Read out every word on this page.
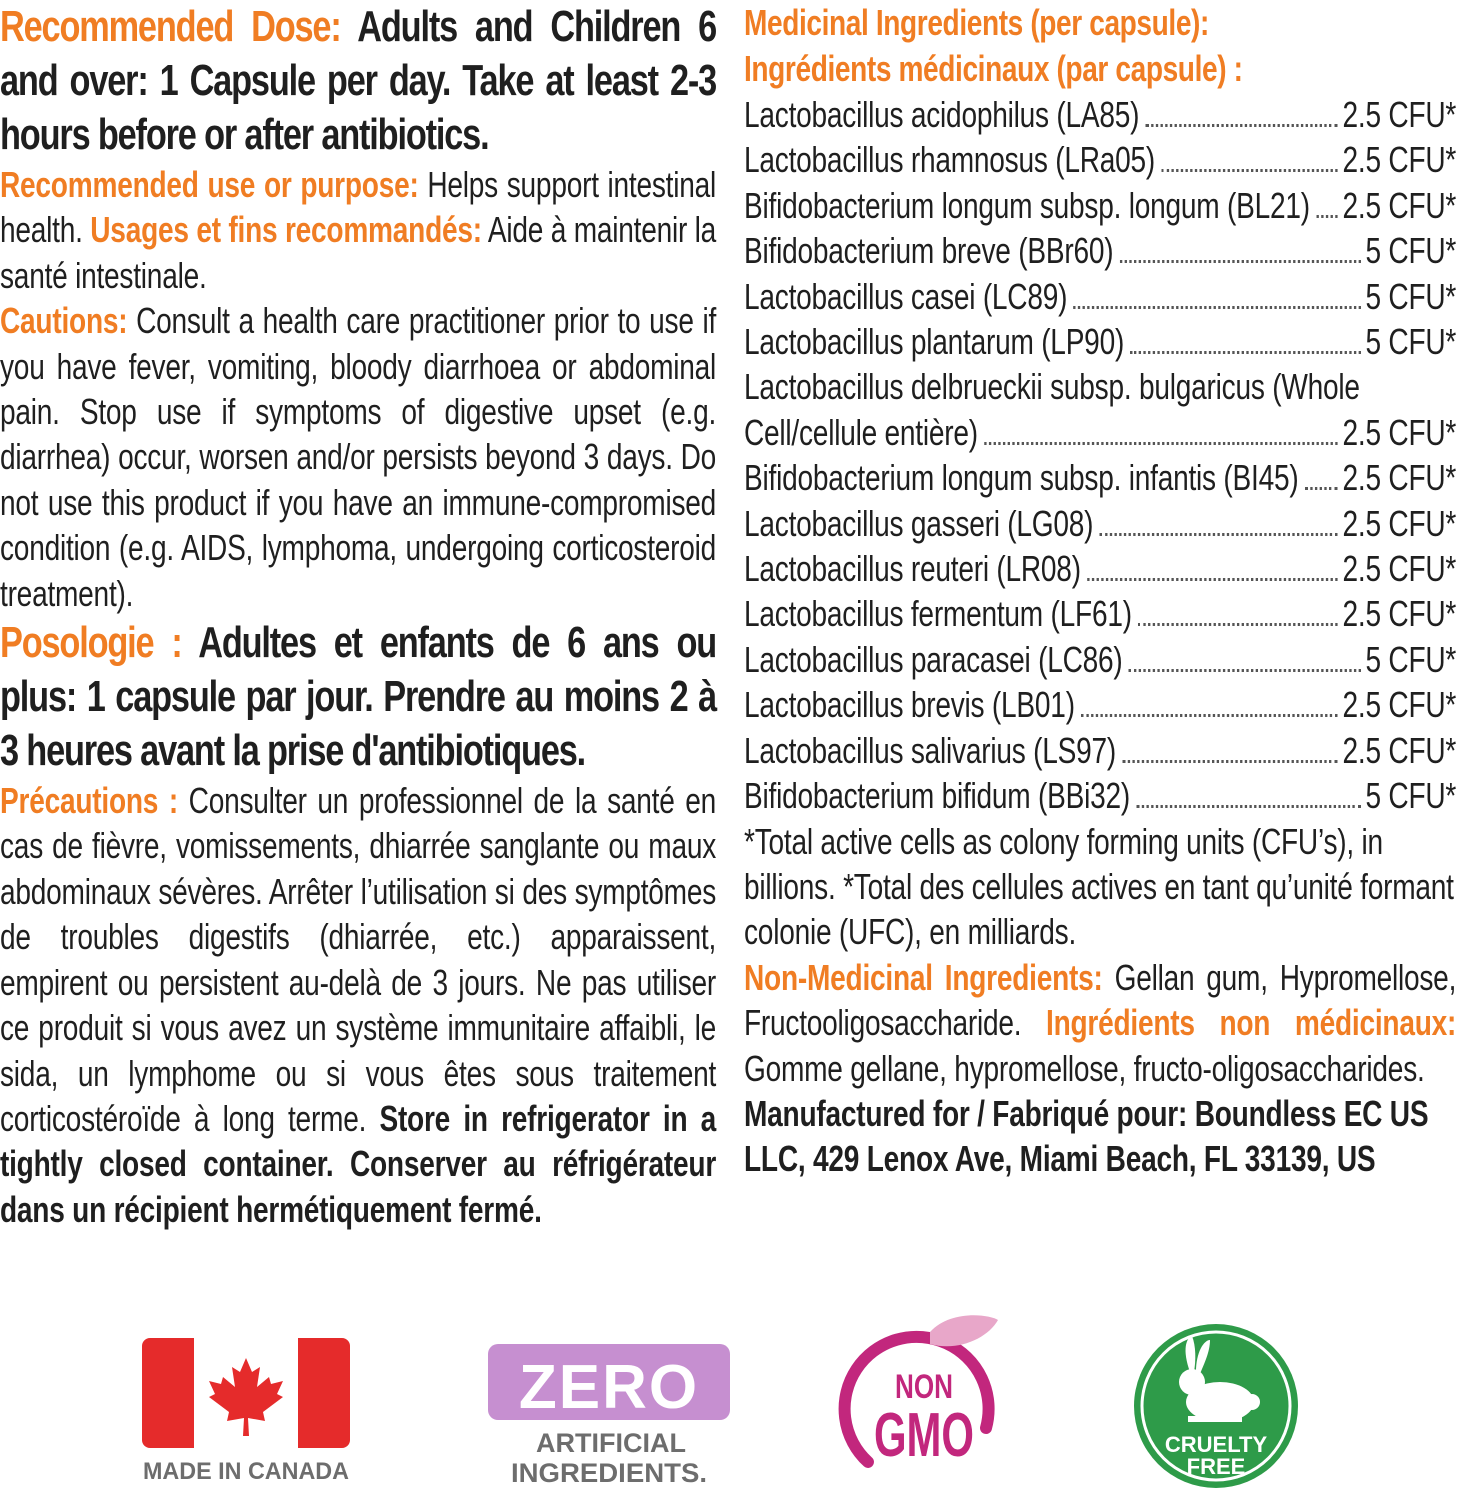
Recommended Dose: Adults and Children 6 and over: 1 Capsule per day. Take at least 2-3 hours before or after antibiotics.

Recommended use or purpose: Helps support intestinal health. Usages et fins recommandés: Aide à maintenir la santé intestinale.

Cautions: Consult a health care practitioner prior to use if you have fever, vomiting, bloody diarrhoea or abdominal pain. Stop use if symptoms of digestive upset (e.g. diarrhea) occur, worsen and/or persists beyond 3 days. Do not use this product if you have an immune-compromised condition (e.g. AIDS, lymphoma, undergoing corticosteroid treatment).

Posologie : Adultes et enfants de 6 ans ou plus: 1 capsule par jour. Prendre au moins 2 à 3 heures avant la prise d'antibiotiques.

Précautions : Consulter un professionnel de la santé en cas de fièvre, vomissements, dhiarrée sanglante ou maux abdominaux sévères. Arrêter l’utilisation si des symptômes de troubles digestifs (dhiarrée, etc.) apparaissent, empirent ou persistent au-delà de 3 jours. Ne pas utiliser ce produit si vous avez un système immunitaire affaibli, le sida, un lymphome ou si vous êtes sous traitement corticostéroïde à long terme. Store in refrigerator in a tightly closed container. Conserver au réfrigérateur dans un récipient hermétiquement fermé.

Medicinal Ingredients (per capsule):
Ingrédients médicinaux (par capsule) :
Lactobacillus acidophilus (LA85)	2.5 CFU*
Lactobacillus rhamnosus (LRa05)	2.5 CFU*
Bifidobacterium longum subsp. longum (BL21) 2.5 CFU*
Bifidobacterium breve (BBr60)	5 CFU*
Lactobacillus casei (LC89)	5 CFU*
Lactobacillus plantarum (LP90)	5 CFU*
Lactobacillus delbrueckii subsp. bulgaricus (Whole
Cell/cellule entière)	2.5 CFU*
Bifidobacterium longum subsp. infantis (BI45) 2.5 CFU*
Lactobacillus gasseri (LG08)	2.5 CFU*
Lactobacillus reuteri (LR08)	2.5 CFU*
Lactobacillus fermentum (LF61)	2.5 CFU*
Lactobacillus paracasei (LC86)	5 CFU*
Lactobacillus brevis (LB01)	2.5 CFU*
Lactobacillus salivarius (LS97)	2.5 CFU*
Bifidobacterium bifidum (BBi32)	5 CFU*

*Total active cells as colony forming units (CFU’s), in billions. *Total des cellules actives en tant qu’unité formant colonie (UFC), en milliards.

Non-Medicinal Ingredients: Gellan gum, Hypromellose, Fructooligosaccharide. Ingrédients non médicinaux: Gomme gellane, hypromellose, fructo-oligosaccharides.

Manufactured for / Fabriqué pour: Boundless EC US LLC, 429 Lenox Ave, Miami Beach, FL 33139, US

MADE IN CANADA
ZERO
ARTIFICIAL
INGREDIENTS.
NON
GMO	CRUELTY
FREE
